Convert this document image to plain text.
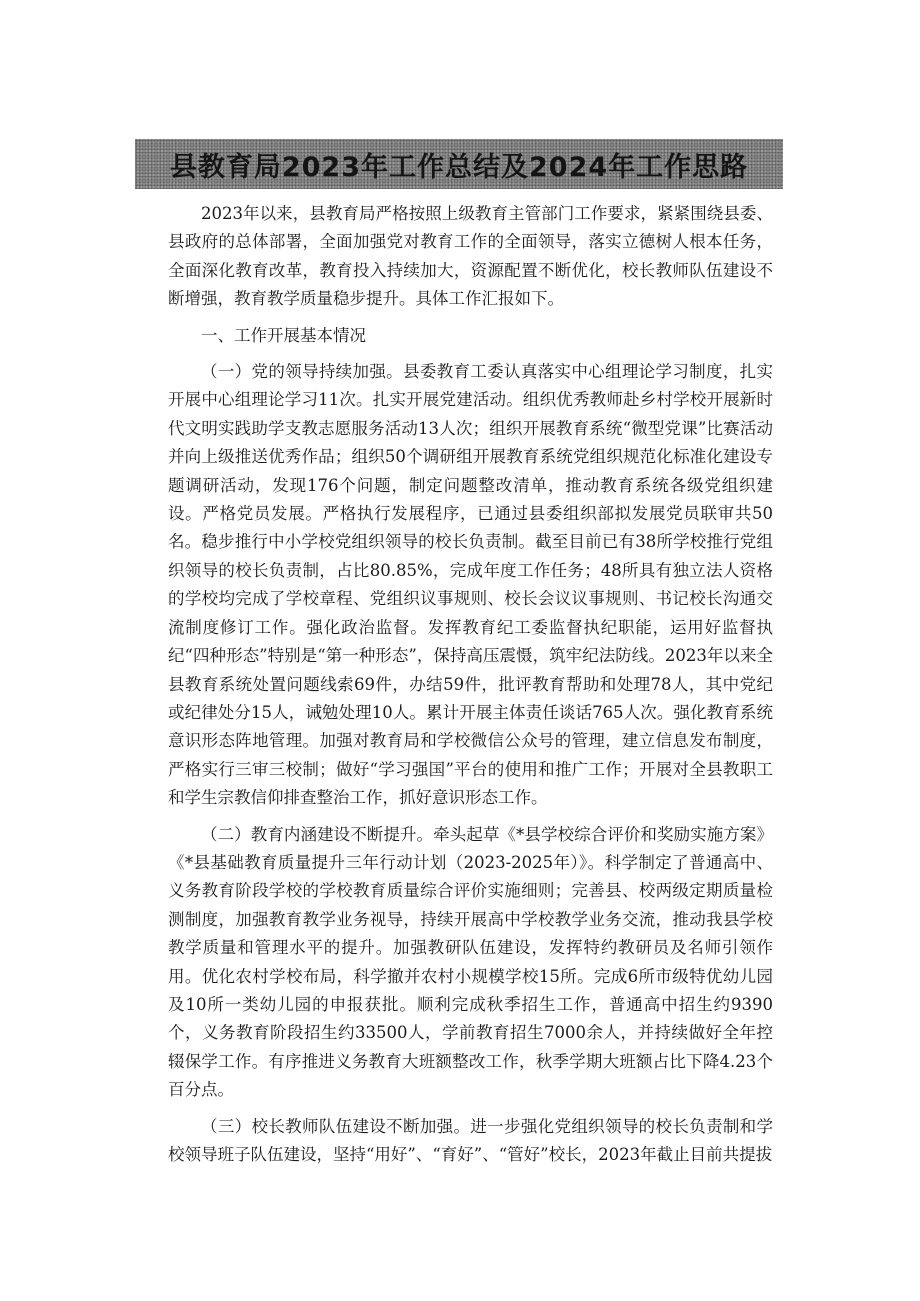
县教育局2023年工作总结及2024年工作思路

2023年以来，县教育局严格按照上级教育主管部门工作要求，紧紧围绕县委、县政府的总体部署，全面加强党对教育工作的全面领导，落实立德树人根本任务，全面深化教育改革，教育投入持续加大，资源配置不断优化，校长教师队伍建设不断增强，教育教学质量稳步提升。具体工作汇报如下。

一、工作开展基本情况

（一）党的领导持续加强。县委教育工委认真落实中心组理论学习制度，扎实开展中心组理论学习11次。扎实开展党建活动。组织优秀教师赴乡村学校开展新时代文明实践助学支教志愿服务活动13人次；组织开展教育系统“微型党课”比赛活动并向上级推送优秀作品；组织50个调研组开展教育系统党组织规范化标准化建设专题调研活动，发现176个问题，制定问题整改清单，推动教育系统各级党组织建设。严格党员发展。严格执行发展程序，已通过县委组织部拟发展党员联审共50名。稳步推行中小学校党组织领导的校长负责制。截至目前已有38所学校推行党组织领导的校长负责制，占比80.85%，完成年度工作任务；48所具有独立法人资格的学校均完成了学校章程、党组织议事规则、校长会议议事规则、书记校长沟通交流制度修订工作。强化政治监督。发挥教育纪工委监督执纪职能，运用好监督执纪“四种形态”特别是“第一种形态”，保持高压震慑，筑牢纪法防线。2023年以来全县教育系统处置问题线索69件，办结59件，批评教育帮助和处理78人，其中党纪或纪律处分15人，诫勉处理10人。累计开展主体责任谈话765人次。强化教育系统意识形态阵地管理。加强对教育局和学校微信公众号的管理，建立信息发布制度，严格实行三审三校制；做好“学习强国”平台的使用和推广工作；开展对全县教职工和学生宗教信仰排查整治工作，抓好意识形态工作。

（二）教育内涵建设不断提升。牵头起草《*县学校综合评价和奖励实施方案》《*县基础教育质量提升三年行动计划（2023-2025年）》。科学制定了普通高中、义务教育阶段学校的学校教育质量综合评价实施细则；完善县、校两级定期质量检测制度，加强教育教学业务视导，持续开展高中学校教学业务交流，推动我县学校教学质量和管理水平的提升。加强教研队伍建设，发挥特约教研员及名师引领作用。优化农村学校布局，科学撤并农村小规模学校15所。完成6所市级特优幼儿园及10所一类幼儿园的申报获批。顺利完成秋季招生工作，普通高中招生约9390个，义务教育阶段招生约33500人，学前教育招生7000余人，并持续做好全年控辍保学工作。有序推进义务教育大班额整改工作，秋季学期大班额占比下降4.23个百分点。

（三）校长教师队伍建设不断加强。进一步强化党组织领导的校长负责制和学校领导班子队伍建设，坚持“用好”、“育好”、“管好”校长，2023年截止目前共提拔
